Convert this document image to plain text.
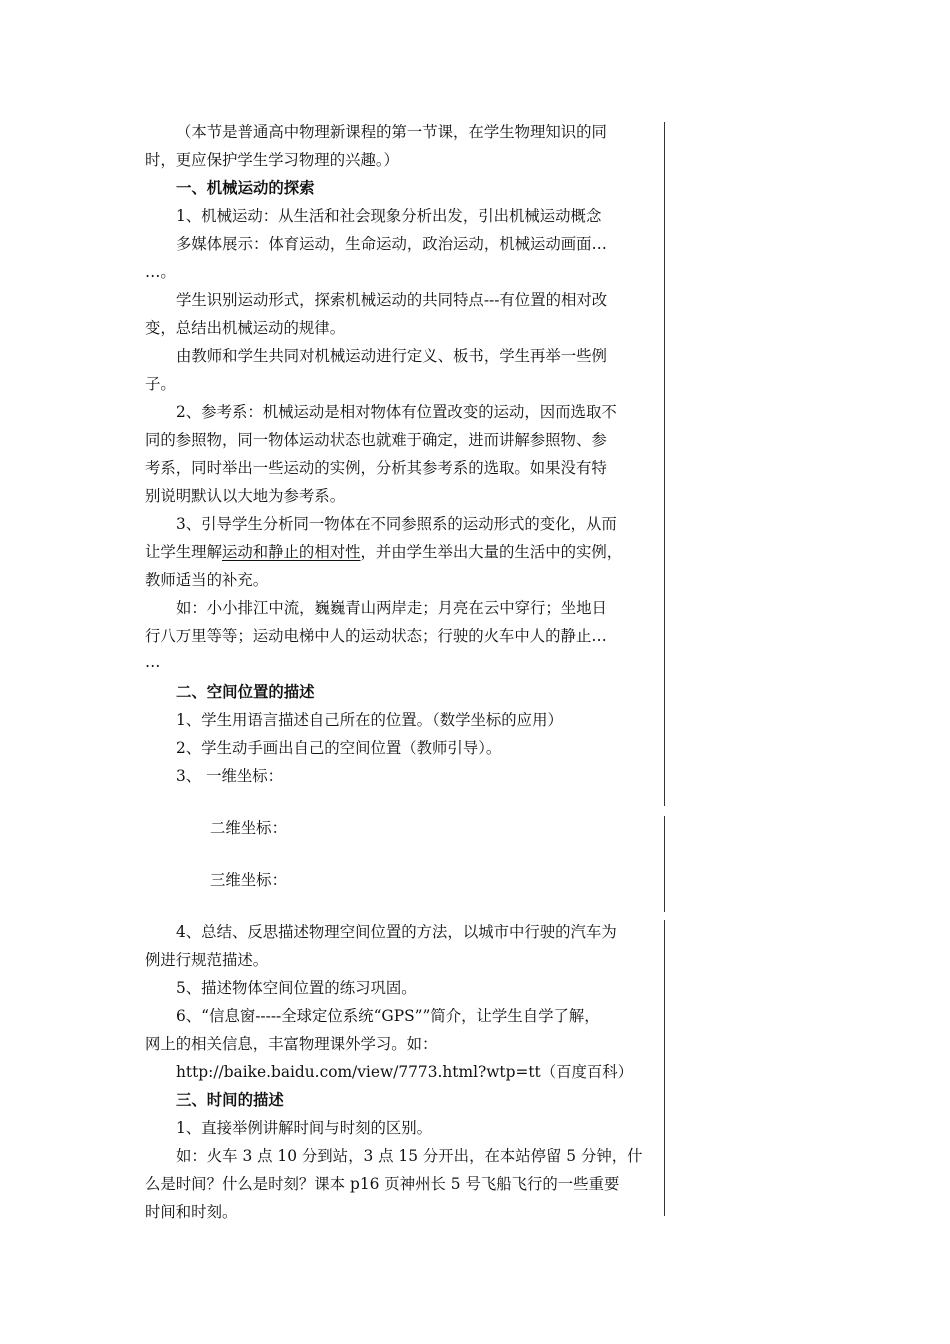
（本节是普通高中物理新课程的第一节课，在学生物理知识的同
时，更应保护学生学习物理的兴趣。）
一、机械运动的探索
1、机械运动：从生活和社会现象分析出发，引出机械运动概念
多媒体展示：体育运动，生命运动，政治运动，机械运动画面…
…。
学生识别运动形式，探索机械运动的共同特点---有位置的相对改
变，总结出机械运动的规律。
由教师和学生共同对机械运动进行定义、板书，学生再举一些例
子。
2、参考系：机械运动是相对物体有位置改变的运动，因而选取不
同的参照物，同一物体运动状态也就难于确定，进而讲解参照物、参
考系，同时举出一些运动的实例，分析其参考系的选取。如果没有特
别说明默认以大地为参考系。
3、引导学生分析同一物体在不同参照系的运动形式的变化，从而
让学生理解运动和静止的相对性，并由学生举出大量的生活中的实例，
教师适当的补充。
如：小小排江中流，巍巍青山两岸走；月亮在云中穿行；坐地日
行八万里等等；运动电梯中人的运动状态；行驶的火车中人的静止…
…
二、空间位置的描述
1、学生用语言描述自己所在的位置。（数学坐标的应用）
2、学生动手画出自己的空间位置（教师引导）。
3、 一维坐标：
二维坐标：
三维坐标：
4、总结、反思描述物理空间位置的方法，以城市中行驶的汽车为
例进行规范描述。
5、描述物体空间位置的练习巩固。
6、“信息窗-----全球定位系统“GPS””简介，让学生自学了解，
网上的相关信息，丰富物理课外学习。如：
http://baike.baidu.com/view/7773.html?wtp=tt（百度百科）
三、时间的描述
1、直接举例讲解时间与时刻的区别。
如：火车 3 点 10 分到站，3 点 15 分开出，在本站停留 5 分钟，什
么是时间？什么是时刻？课本 p16 页神州长 5 号飞船飞行的一些重要
时间和时刻。
